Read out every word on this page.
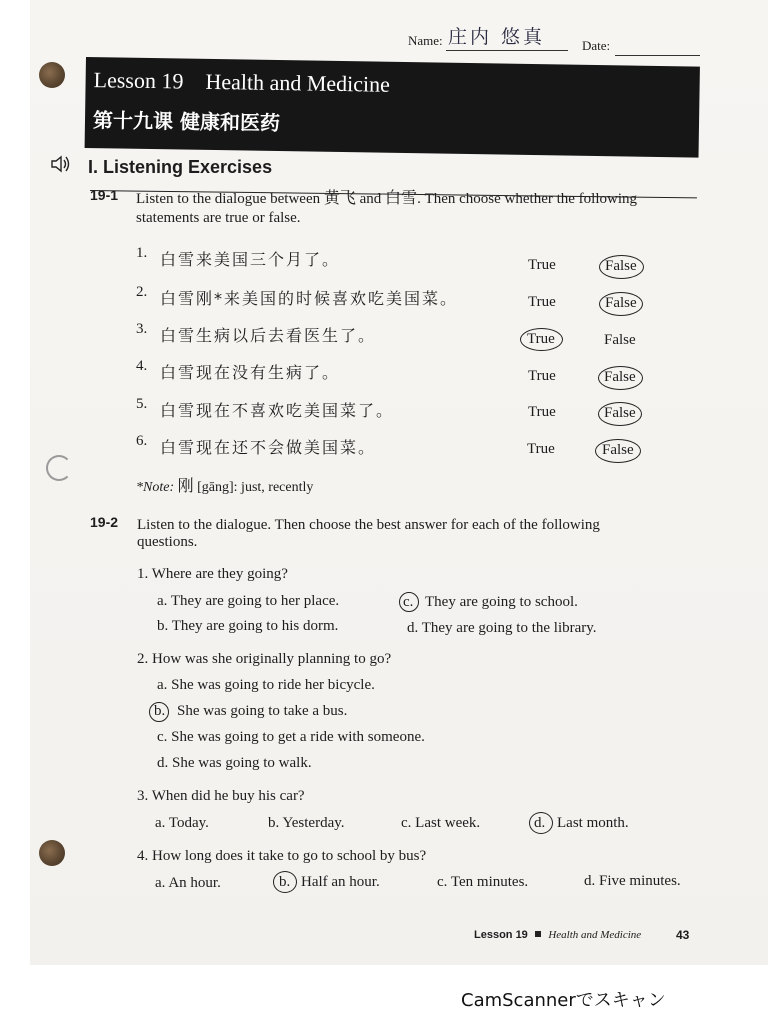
Name: 庄内 悠真	Date:
Lesson 19 Health and Medicine
第十九课 健康和医药
I. Listening Exercises
19-1 Listen to the dialogue between 黄飞 and 白雪. Then choose whether the following
statements are true or false.
1. 白雪来美国三个月了。	True	False
2. 白雪刚*来美国的时候喜欢吃美国菜。	True	False
3. 白雪生病以后去看医生了。	True	False
4. 白雪现在没有生病了。	True	False
5. 白雪现在不喜欢吃美国菜了。	True	False
6. 白雪现在还不会做美国菜。	True	False
*Note: 刚 [gāng]: just, recently
19-2 Listen to the dialogue. Then choose the best answer for each of the following
questions.
1. Where are they going?
a. They are going to her place.	c. They are going to school.
b. They are going to his dorm.	d. They are going to the library.
2. How was she originally planning to go?
a. She was going to ride her bicycle.
b. She was going to take a bus.
c. She was going to get a ride with someone.
d. She was going to walk.
3. When did he buy his car?
a. Today.	b. Yesterday.	c. Last week.	d. Last month.
4. How long does it take to go to school by bus?
a. An hour.	b. Half an hour.	c. Ten minutes.	d. Five minutes.
Lesson 19 Health and Medicine	43
CamScannerでスキャン
